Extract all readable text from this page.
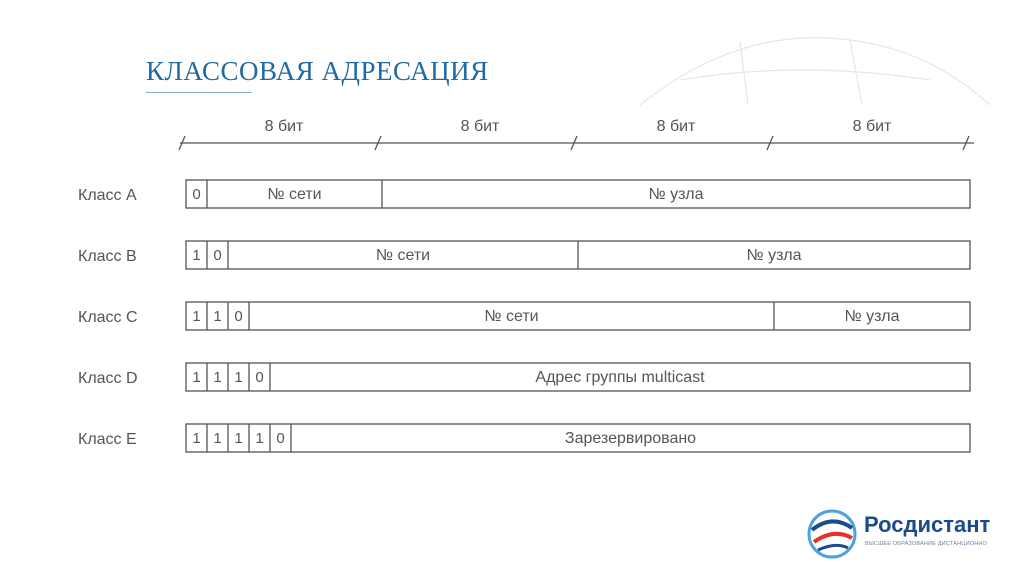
КЛАССОВАЯ АДРЕСАЦИЯ
8 бит	8 бит	8 бит	8 бит
Класс A	0	№ сети	№ узла
Класс B	1 0	№ сети	№ узла
Класс C	1 1 0	№ сети	№ узла
Класс D	1 1 1 0	Адрес группы multicast
Класс E	1 1 1 1 0	Зарезервировано
Росдистант
ВЫСШЕЕ ОБРАЗОВАНИЕ ДИСТАНЦИОННО
